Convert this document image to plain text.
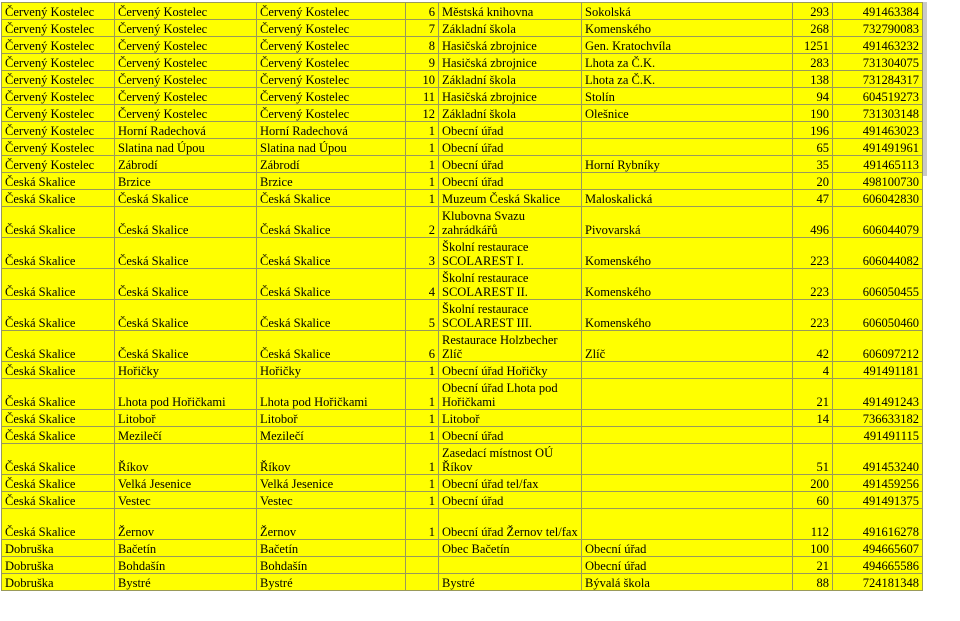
Červený Kostelec	Červený Kostelec	Červený Kostelec	6	Městská knihovna	Sokolská	293	491463384
Červený Kostelec	Červený Kostelec	Červený Kostelec	7	Základní škola	Komenského	268	732790083
Červený Kostelec	Červený Kostelec	Červený Kostelec	8	Hasičská zbrojnice	Gen. Kratochvíla	1251	491463232
Červený Kostelec	Červený Kostelec	Červený Kostelec	9	Hasičská zbrojnice	Lhota za Č.K.	283	731304075
Červený Kostelec	Červený Kostelec	Červený Kostelec	10	Základní škola	Lhota za Č.K.	138	731284317
Červený Kostelec	Červený Kostelec	Červený Kostelec	11	Hasičská zbrojnice	Stolín	94	604519273
Červený Kostelec	Červený Kostelec	Červený Kostelec	12	Základní škola	Olešnice	190	731303148
Červený Kostelec	Horní Radechová	Horní Radechová	1	Obecní úřad		196	491463023
Červený Kostelec	Slatina nad Úpou	Slatina nad Úpou	1	Obecní úřad		65	491491961
Červený Kostelec	Zábrodí	Zábrodí	1	Obecní úřad	Horní Rybníky	35	491465113
Česká Skalice	Brzice	Brzice	1	Obecní úřad		20	498100730
Česká Skalice	Česká Skalice	Česká Skalice	1	Muzeum Česká Skalice	Maloskalická	47	606042830
Česká Skalice	Česká Skalice	Česká Skalice	2	Klubovna Svazu zahrádkářů	Pivovarská	496	606044079
Česká Skalice	Česká Skalice	Česká Skalice	3	Školní restaurace SCOLAREST I.	Komenského	223	606044082
Česká Skalice	Česká Skalice	Česká Skalice	4	Školní restaurace SCOLAREST II.	Komenského	223	606050455
Česká Skalice	Česká Skalice	Česká Skalice	5	Školní restaurace SCOLAREST III.	Komenského	223	606050460
Česká Skalice	Česká Skalice	Česká Skalice	6	Restaurace Holzbecher Zlíč	Zlíč	42	606097212
Česká Skalice	Hořičky	Hořičky	1	Obecní úřad Hořičky		4	491491181
Česká Skalice	Lhota pod Hořičkami	Lhota pod Hořičkami	1	Obecní úřad Lhota pod Hořičkami		21	491491243
Česká Skalice	Litoboř	Litoboř	1	Litoboř		14	736633182
Česká Skalice	Mezilečí	Mezilečí	1	Obecní úřad			491491115
Česká Skalice	Říkov	Říkov	1	Zasedací místnost OÚ Říkov		51	491453240
Česká Skalice	Velká Jesenice	Velká Jesenice	1	Obecní úřad tel/fax		200	491459256
Česká Skalice	Vestec	Vestec	1	Obecní úřad		60	491491375
Česká Skalice	Žernov	Žernov	1	Obecní úřad Žernov tel/fax		112	491616278
Dobruška	Bačetín	Bačetín		Obec Bačetín	Obecní úřad	100	494665607
Dobruška	Bohdašín	Bohdašín			Obecní úřad	21	494665586
Dobruška	Bystré	Bystré		Bystré	Bývalá škola	88	724181348
